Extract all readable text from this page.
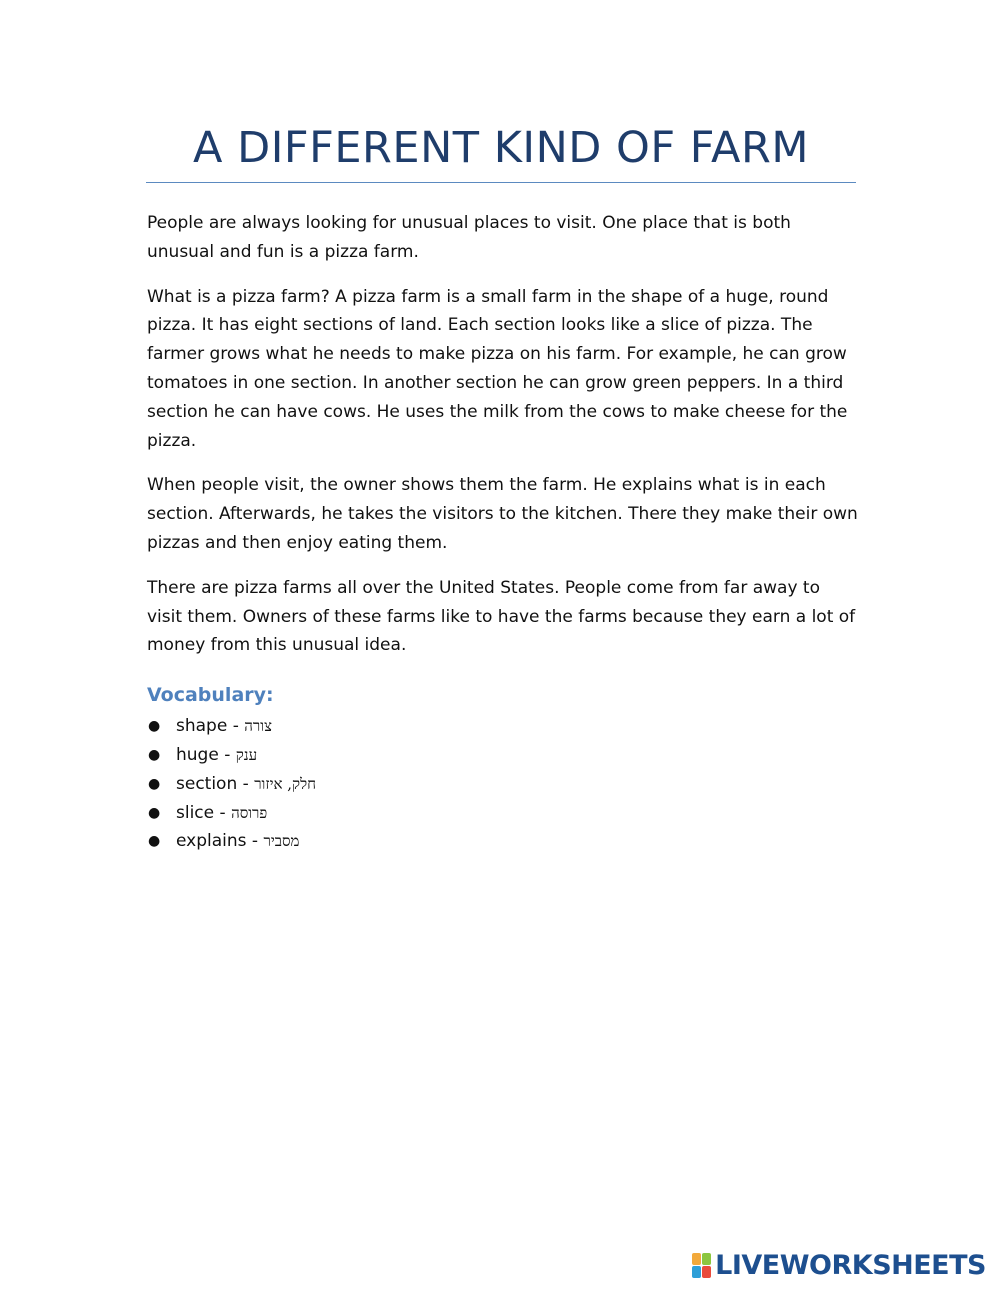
A DIFFERENT KIND OF FARM

People are always looking for unusual places to visit. One place that is both unusual and fun is a pizza farm.

What is a pizza farm? A pizza farm is a small farm in the shape of a huge, round pizza. It has eight sections of land. Each section looks like a slice of pizza. The farmer grows what he needs to make pizza on his farm. For example, he can grow tomatoes in one section. In another section he can grow green peppers. In a third section he can have cows. He uses the milk from the cows to make cheese for the pizza.

When people visit, the owner shows them the farm. He explains what is in each section. Afterwards, he takes the visitors to the kitchen. There they make their own pizzas and then enjoy eating them.

There are pizza farms all over the United States. People come from far away to visit them. Owners of these farms like to have the farms because they earn a lot of money from this unusual idea.

Vocabulary:
● shape - צורה
● huge - ענק
● section - חלק, איזור
● slice - פרוסה
● explains - מסביר
LIVEWORKSHEETS
